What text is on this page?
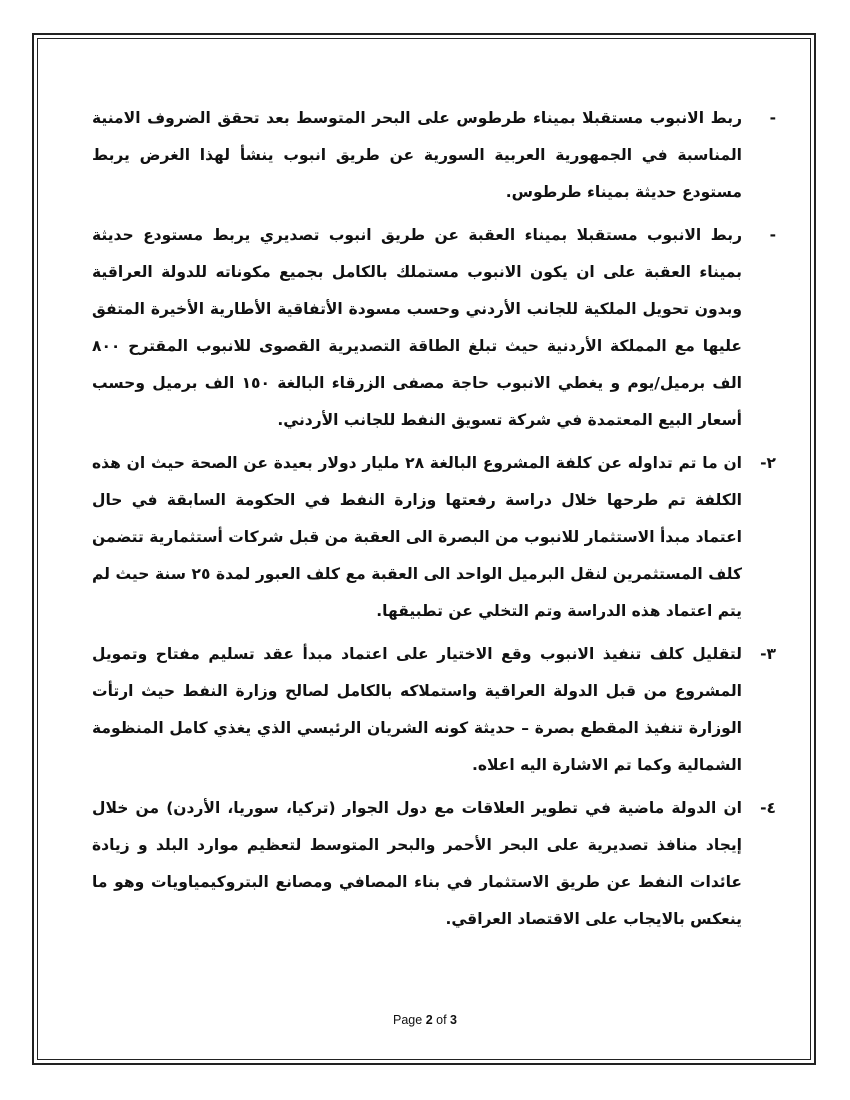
-
ربط الانبوب مستقبلا بميناء طرطوس على البحر المتوسط بعد تحقق الضروف الامنية المناسبة في الجمهورية العربية السورية عن طريق انبوب ينشأ لهذا الغرض يربط مستودع حديثة بميناء طرطوس.
-
ربط الانبوب مستقبلا بميناء العقبة عن طريق انبوب تصديري يربط مستودع حديثة بميناء العقبة على ان يكون الانبوب مستملك بالكامل بجميع مكوناته للدولة العراقية وبدون تحويل الملكية للجانب الأردني وحسب مسودة الأتفاقية الأطارية الأخيرة المتفق عليها مع المملكة الأردنية حيث تبلغ الطاقة التصديرية القصوى للانبوب المقترح ٨٠٠ الف برميل/يوم و يغطي الانبوب حاجة مصفى الزرقاء البالغة ١٥٠ الف برميل وحسب أسعار البيع المعتمدة في شركة تسويق النفط للجانب الأردني.
٢-
ان ما تم تداوله عن كلفة المشروع البالغة ٢٨ مليار دولار بعيدة عن الصحة حيث ان هذه الكلفة تم طرحها خلال دراسة رفعتها وزارة النفط في الحكومة السابقة في حال اعتماد مبدأ الاستثمار للانبوب من البصرة الى العقبة من قبل شركات أستثمارية تتضمن كلف المستثمرين لنقل البرميل الواحد الى العقبة مع كلف العبور لمدة ٢٥ سنة حيث لم يتم اعتماد هذه الدراسة وتم التخلي عن تطبيقها.
٣-
لتقليل كلف تنفيذ الانبوب وقع الاختيار على اعتماد مبدأ عقد تسليم مفتاح وتمويل المشروع من قبل الدولة العراقية واستملاكه بالكامل لصالح وزارة النفط حيث ارتأت الوزارة تنفيذ المقطع بصرة – حديثة كونه الشريان الرئيسي الذي يغذي كامل المنظومة الشمالية وكما تم الاشارة اليه اعلاه.
٤-
ان الدولة ماضية في تطوير العلاقات مع دول الجوار (تركيا، سوريا، الأردن) من خلال إيجاد منافذ تصديرية على البحر الأحمر والبحر المتوسط لتعظيم موارد البلد و زيادة عائدات النفط عن طريق الاستثمار في بناء المصافي ومصانع البتروكيمياويات وهو ما ينعكس بالايجاب على الاقتصاد العراقي.
Page 2 of 3
